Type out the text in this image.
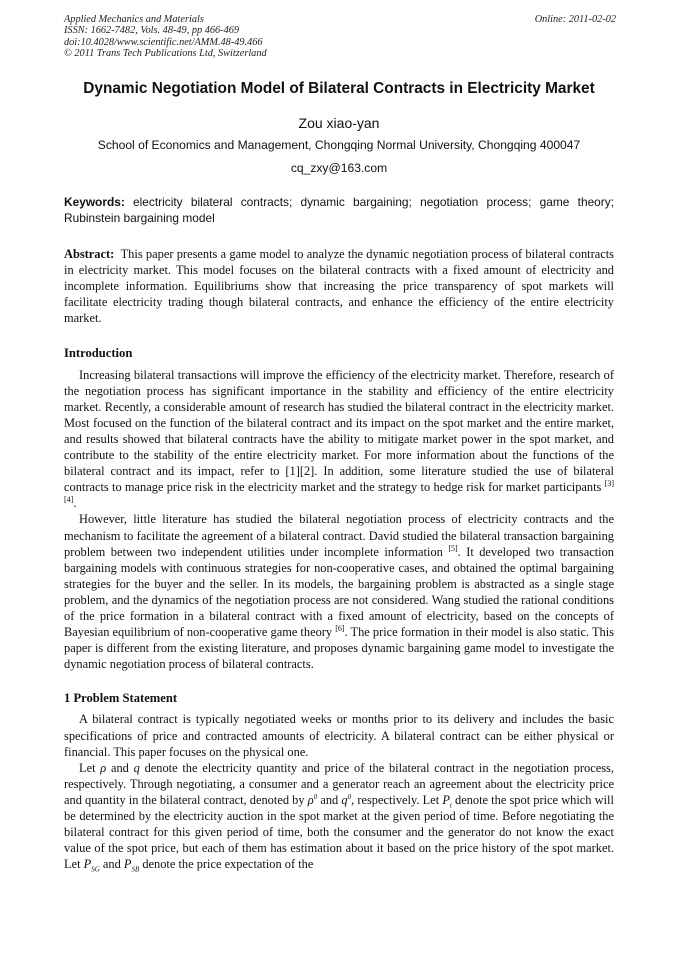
Applied Mechanics and Materials
ISSN: 1662-7482, Vols. 48-49, pp 466-469
doi:10.4028/www.scientific.net/AMM.48-49.466
© 2011 Trans Tech Publications Ltd, Switzerland
Online: 2011-02-02
Dynamic Negotiation Model of Bilateral Contracts in Electricity Market
Zou xiao-yan
School of Economics and Management, Chongqing Normal University, Chongqing 400047
cq_zxy@163.com
Keywords: electricity bilateral contracts; dynamic bargaining; negotiation process; game theory; Rubinstein bargaining model

Abstract: This paper presents a game model to analyze the dynamic negotiation process of bilateral contracts in electricity market. This model focuses on the bilateral contracts with a fixed amount of electricity and incomplete information. Equilibriums show that increasing the price transparency of spot markets will facilitate electricity trading though bilateral contracts, and enhance the efficiency of the entire electricity market.

Introduction

Increasing bilateral transactions will improve the efficiency of the electricity market. Therefore, research of the negotiation process has significant importance in the stability and efficiency of the entire electricity market. Recently, a considerable amount of research has studied the bilateral contract in the electricity market. Most focused on the function of the bilateral contract and its impact on the spot market and the entire market, and results showed that bilateral contracts have the ability to mitigate market power in the spot market, and contribute to the stability of the entire electricity market. For more information about the functions of the bilateral contract and its impact, refer to [1][2]. In addition, some literature studied the use of bilateral contracts to manage price risk in the electricity market and the strategy to hedge risk for market participants [3][4].

However, little literature has studied the bilateral negotiation process of electricity contracts and the mechanism to facilitate the agreement of a bilateral contract. David studied the bilateral transaction bargaining problem between two independent utilities under incomplete information [5]. It developed two transaction bargaining models with continuous strategies for non-cooperative cases, and obtained the optimal bargaining strategies for the buyer and the seller. In its models, the bargaining problem is abstracted as a single stage problem, and the dynamics of the negotiation process are not considered. Wang studied the rational conditions of the price formation in a bilateral contract with a fixed amount of electricity, based on the concepts of Bayesian equilibrium of non-cooperative game theory [6]. The price formation in their model is also static. This paper is different from the existing literature, and proposes dynamic bargaining game model to investigate the dynamic negotiation process of bilateral contracts.

1 Problem Statement

A bilateral contract is typically negotiated weeks or months prior to its delivery and includes the basic specifications of price and contracted amounts of electricity. A bilateral contract can be either physical or financial. This paper focuses on the physical one.

Let ρ and q denote the electricity quantity and price of the bilateral contract in the negotiation process, respectively. Through negotiating, a consumer and a generator reach an agreement about the electricity price and quantity in the bilateral contract, denoted by $\rho^0$ and $q^0$, respectively. Let $P_t$ denote the spot price which will be determined by the electricity auction in the spot market at the given period of time. Before negotiating the bilateral contract for this given period of time, both the consumer and the generator do not know the exact value of the spot price, but each of them has estimation about it based on the price history of the spot market. Let $P_{SG}$ and $P_{SB}$ denote the price expectation of the
